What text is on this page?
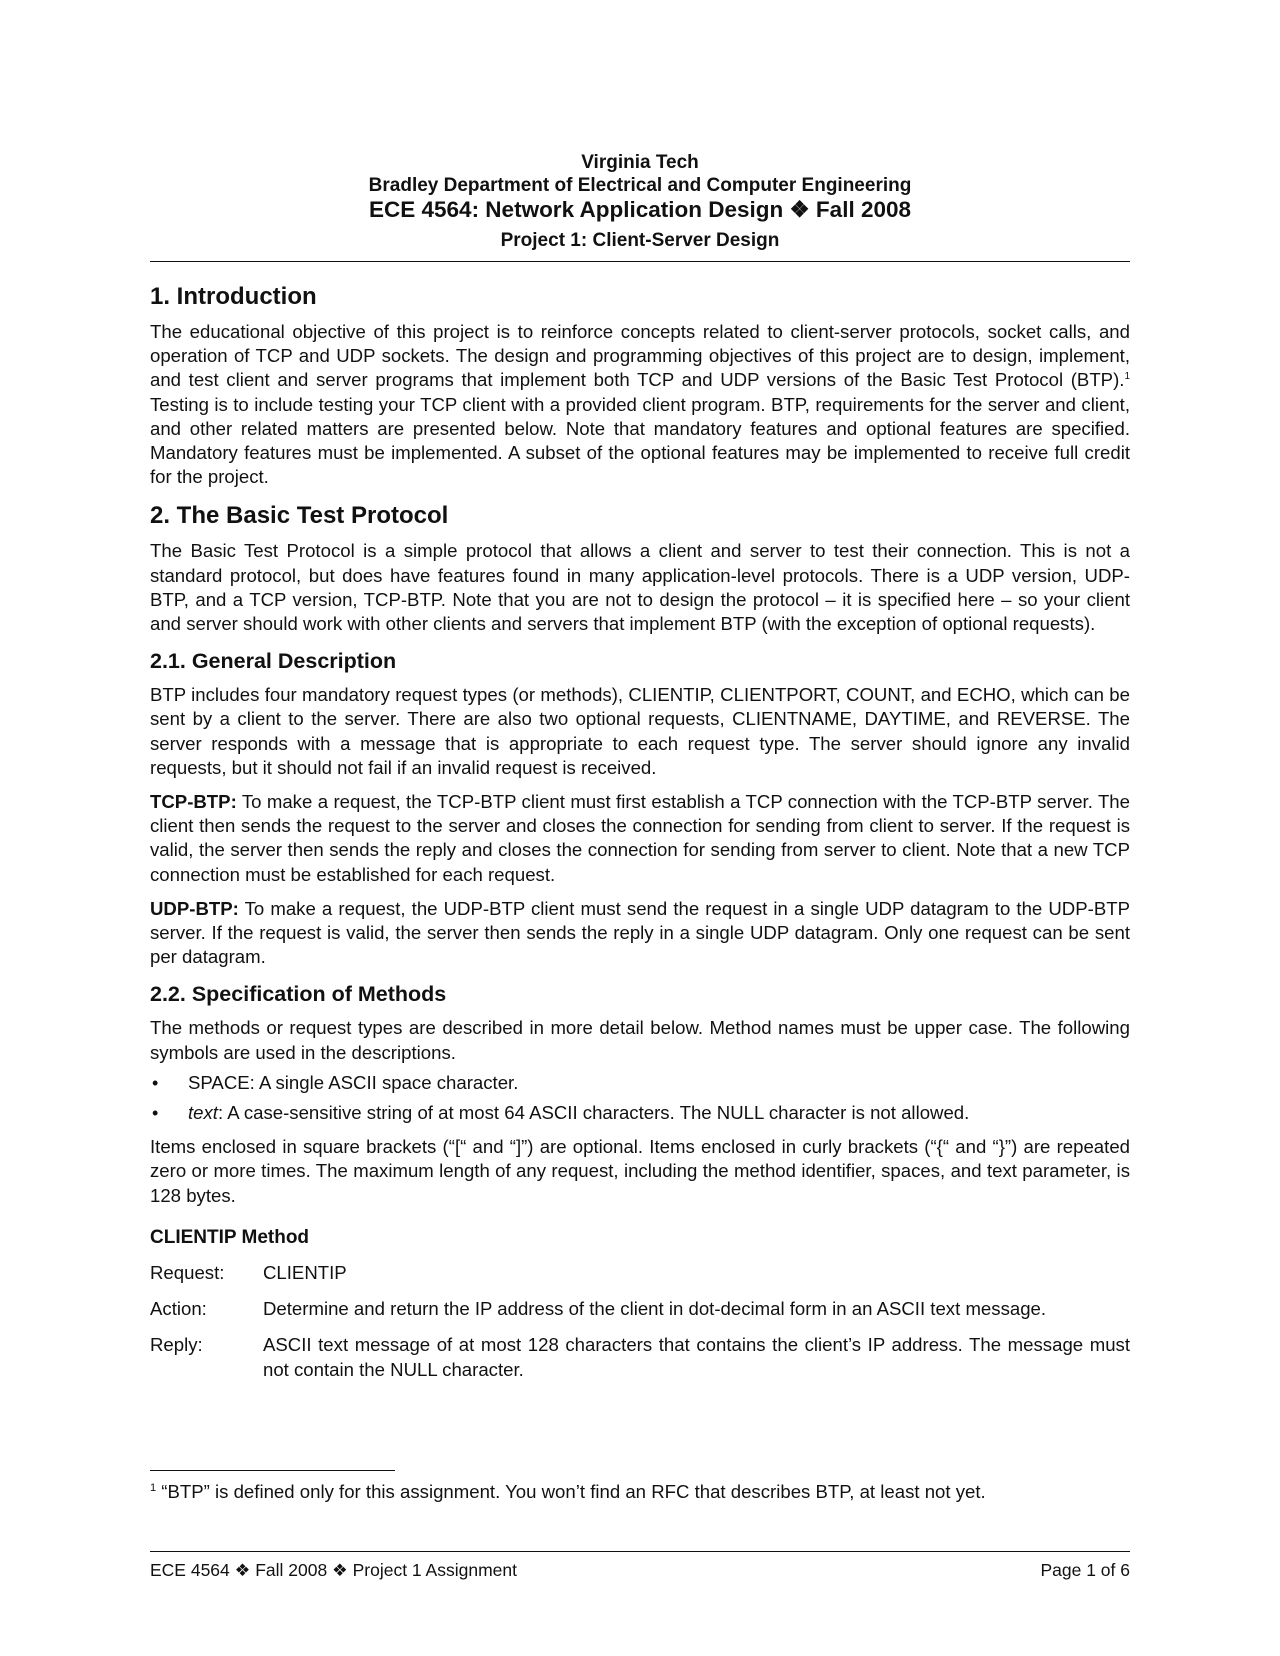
Virginia Tech
Bradley Department of Electrical and Computer Engineering
ECE 4564: Network Application Design ❖ Fall 2008
Project 1: Client-Server Design
1. Introduction

The educational objective of this project is to reinforce concepts related to client-server protocols, socket calls, and operation of TCP and UDP sockets. The design and programming objectives of this project are to design, implement, and test client and server programs that implement both TCP and UDP versions of the Basic Test Protocol (BTP).$^1$ Testing is to include testing your TCP client with a provided client program. BTP, requirements for the server and client, and other related matters are presented below. Note that mandatory features and optional features are specified. Mandatory features must be implemented. A subset of the optional features may be implemented to receive full credit for the project.

2. The Basic Test Protocol

The Basic Test Protocol is a simple protocol that allows a client and server to test their connection. This is not a standard protocol, but does have features found in many application-level protocols. There is a UDP version, UDP-BTP, and a TCP version, TCP-BTP. Note that you are not to design the protocol – it is specified here – so your client and server should work with other clients and servers that implement BTP (with the exception of optional requests).

2.1. General Description

BTP includes four mandatory request types (or methods), CLIENTIP, CLIENTPORT, COUNT, and ECHO, which can be sent by a client to the server. There are also two optional requests, CLIENTNAME, DAYTIME, and REVERSE. The server responds with a message that is appropriate to each request type. The server should ignore any invalid requests, but it should not fail if an invalid request is received.

TCP-BTP: To make a request, the TCP-BTP client must first establish a TCP connection with the TCP-BTP server. The client then sends the request to the server and closes the connection for sending from client to server. If the request is valid, the server then sends the reply and closes the connection for sending from server to client. Note that a new TCP connection must be established for each request.

UDP-BTP: To make a request, the UDP-BTP client must send the request in a single UDP datagram to the UDP-BTP server. If the request is valid, the server then sends the reply in a single UDP datagram. Only one request can be sent per datagram.

2.2. Specification of Methods

The methods or request types are described in more detail below. Method names must be upper case. The following symbols are used in the descriptions.

• SPACE: A single ASCII space character.
• text: A case-sensitive string of at most 64 ASCII characters. The NULL character is not allowed.

Items enclosed in square brackets (“[“ and “]”) are optional. Items enclosed in curly brackets (“{“ and “}”) are repeated zero or more times. The maximum length of any request, including the method identifier, spaces, and text parameter, is 128 bytes.

CLIENTIP Method
Request:	CLIENTIP
Action:	Determine and return the IP address of the client in dot-decimal form in an ASCII text message.
Reply:	ASCII text message of at most 128 characters that contains the client’s IP address. The message must not contain the NULL character.
$^1$ “BTP” is defined only for this assignment. You won’t find an RFC that describes BTP, at least not yet.
ECE 4564 ❖ Fall 2008 ❖ Project 1 Assignment	Page 1 of 6
